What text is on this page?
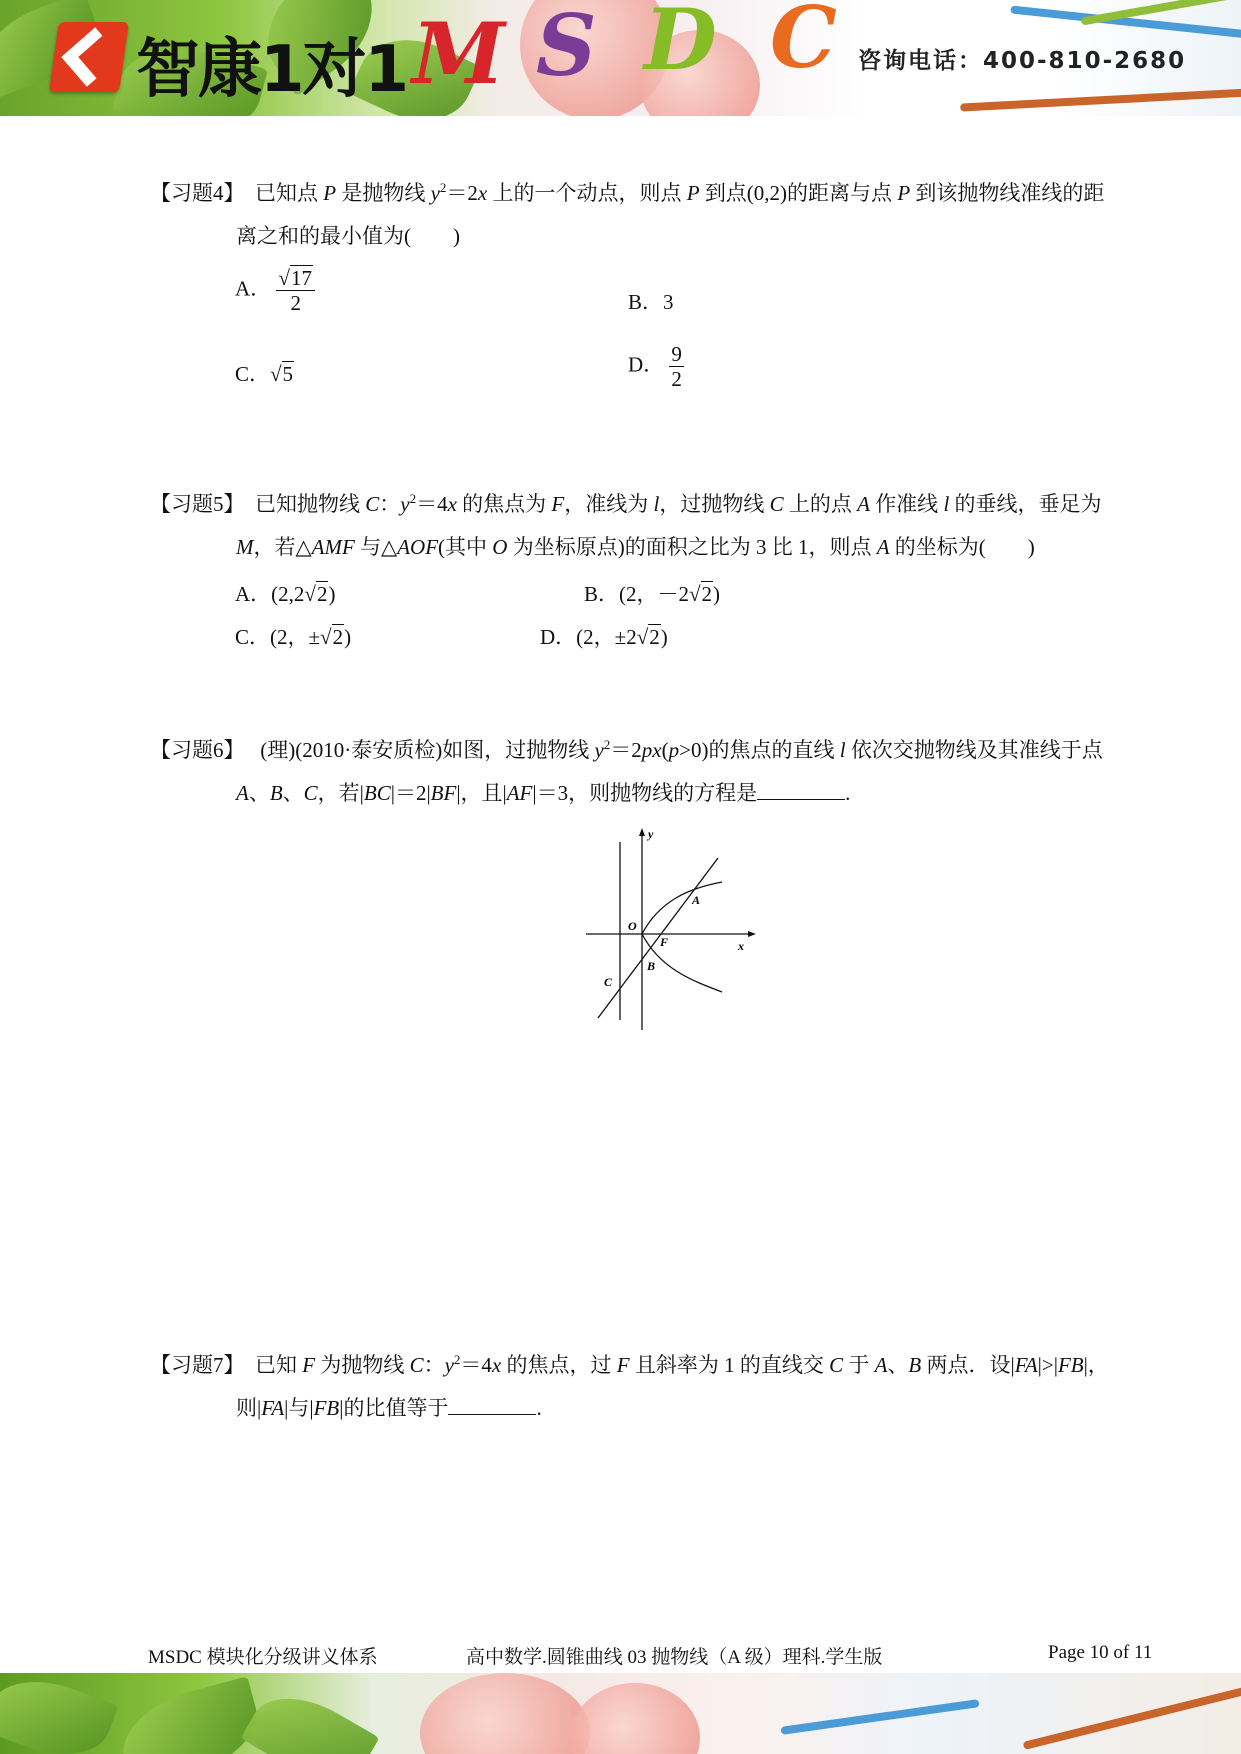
智康1对1 M S D C 咨询电话：400-810-2680
【习题4】 已知点 P 是抛物线 $y^2=2x$ 上的一个动点，则点 P 到点(0,2)的距离与点 P 到该抛物线准线的距
离之和的最小值为(　　)
A． $\frac{√17}{2}$	B．3
C．√5	D． $\frac{9}{2}$
【习题5】 已知抛物线 C：$y^2=4x$ 的焦点为 F，准线为 l，过抛物线 C 上的点 A 作准线 l 的垂线，垂足为
M，若△AMF 与△AOF(其中 O 为坐标原点)的面积之比为 3 比 1，则点 A 的坐标为(　　)
A．(2,2√2)	B．(2，－2√2)
C．(2，±√2)	D．(2，±2√2)
【习题6】 (理)(2010·泰安质检)如图，过抛物线 $y^2=2px(p>0)$的焦点的直线 l 依次交抛物线及其准线于点
A、B、C，若|BC|＝2|BF|，且|AF|＝3，则抛物线的方程是	.
y
x
O
A
F
B
C
【习题7】 已知 F 为抛物线 C：$y^2=4x$ 的焦点，过 F 且斜率为 1 的直线交 C 于 A、B 两点．设|FA|>|FB|，
则|FA|与|FB|的比值等于	.
MSDC 模块化分级讲义体系	高中数学.圆锥曲线 03 抛物线（A 级）理科.学生版	Page 10 of 11
